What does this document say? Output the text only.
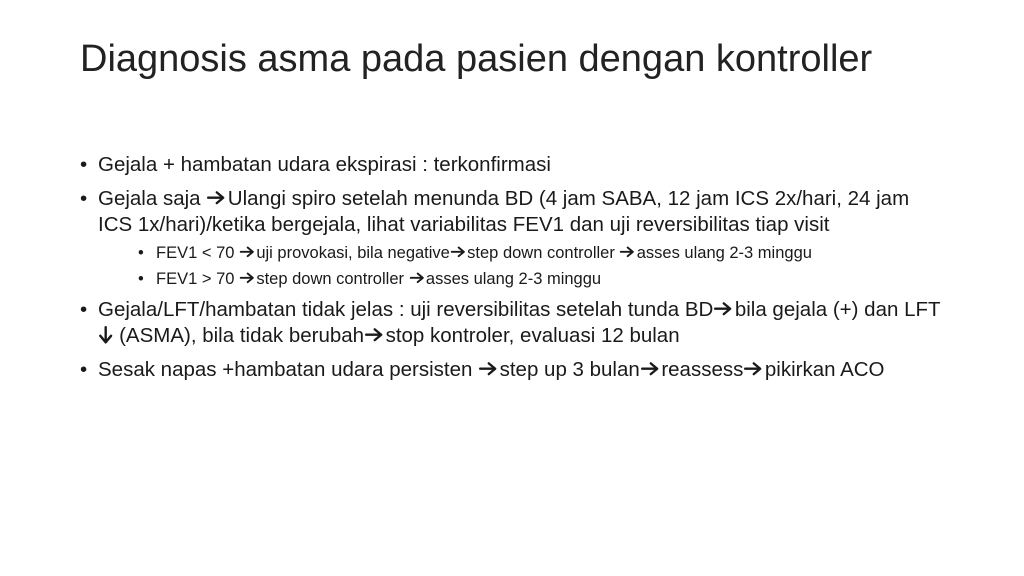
Diagnosis asma pada pasien dengan kontroller
• Gejala + hambatan udara ekspirasi : terkonfirmasi
• Gejala saja
Ulangi spiro setelah menunda BD (4 jam SABA, 12 jam ICS 2x/hari, 24 jam ICS 1x/hari)/ketika bergejala, lihat variabilitas FEV1 dan uji reversibilitas tiap visit
• FEV1 < 70
uji provokasi, bila negative step down controller
asses ulang 2-3 minggu
• FEV1 > 70
step down controller
asses ulang 2-3 minggu
• Gejala/LFT/hambatan tidak jelas : uji reversibilitas setelah tunda BD bila gejala (+) dan LFT
(ASMA), bila tidak berubah stop kontroler, evaluasi 12 bulan
• Sesak napas +hambatan udara persisten
step up 3 bulan reassess pikirkan ACO
